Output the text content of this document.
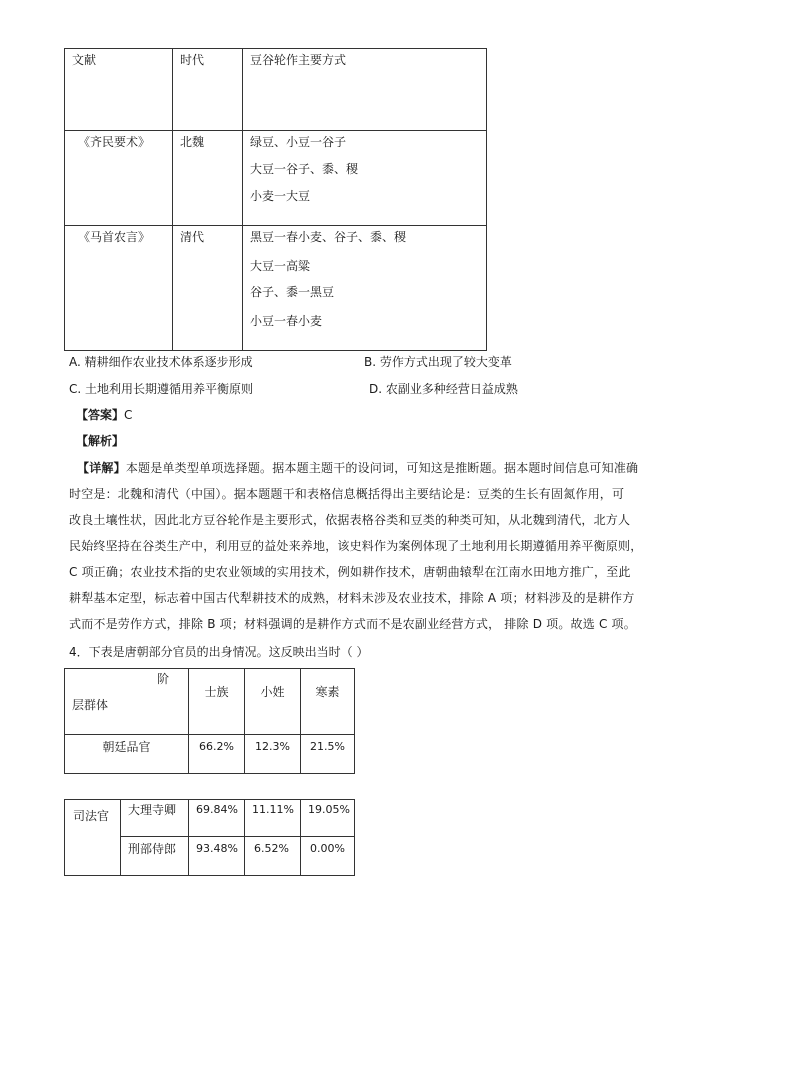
文献	时代	豆谷轮作主要方式

《齐民要术》	北魏	绿豆、小豆一谷子
大豆一谷子、黍、稷
小麦一大豆

《马首农言》	清代	黑豆一春小麦、谷子、黍、稷
大豆一高粱
谷子、黍一黑豆
小豆一春小麦
A. 精耕细作农业技术体系逐步形成	B. 劳作方式出现了较大变革
C. 土地利用长期遵循用养平衡原则	D. 农副业多种经营日益成熟
【答案】C
【解析】
【详解】本题是单类型单项选择题。据本题主题干的设问词，可知这是推断题。据本题时间信息可知准确
时空是：北魏和清代（中国）。据本题题干和表格信息概括得出主要结论是：豆类的生长有固氮作用，可
改良土壤性状，因此北方豆谷轮作是主要形式，依据表格谷类和豆类的种类可知，从北魏到清代，北方人
民始终坚持在谷类生产中，利用豆的益处来养地，该史料作为案例体现了土地利用长期遵循用养平衡原则，
C 项正确；农业技术指的史农业领域的实用技术，例如耕作技术，唐朝曲辕犁在江南水田地方推广，至此
耕犁基本定型，标志着中国古代犁耕技术的成熟，材料未涉及农业技术，排除 A 项；材料涉及的是耕作方
式而不是劳作方式，排除 B 项；材料强调的是耕作方式而不是农副业经营方式， 排除 D 项。故选 C 项。
4．下表是唐朝部分官员的出身情况。这反映出当时（ ）
阶
层群体	士族	小姓	寒素

朝廷品官	66.2%	12.3%	21.5%
司法官	大理寺卿	69.84%	11.11%	19.05%

	刑部侍郎	93.48%	6.52%	0.00%
